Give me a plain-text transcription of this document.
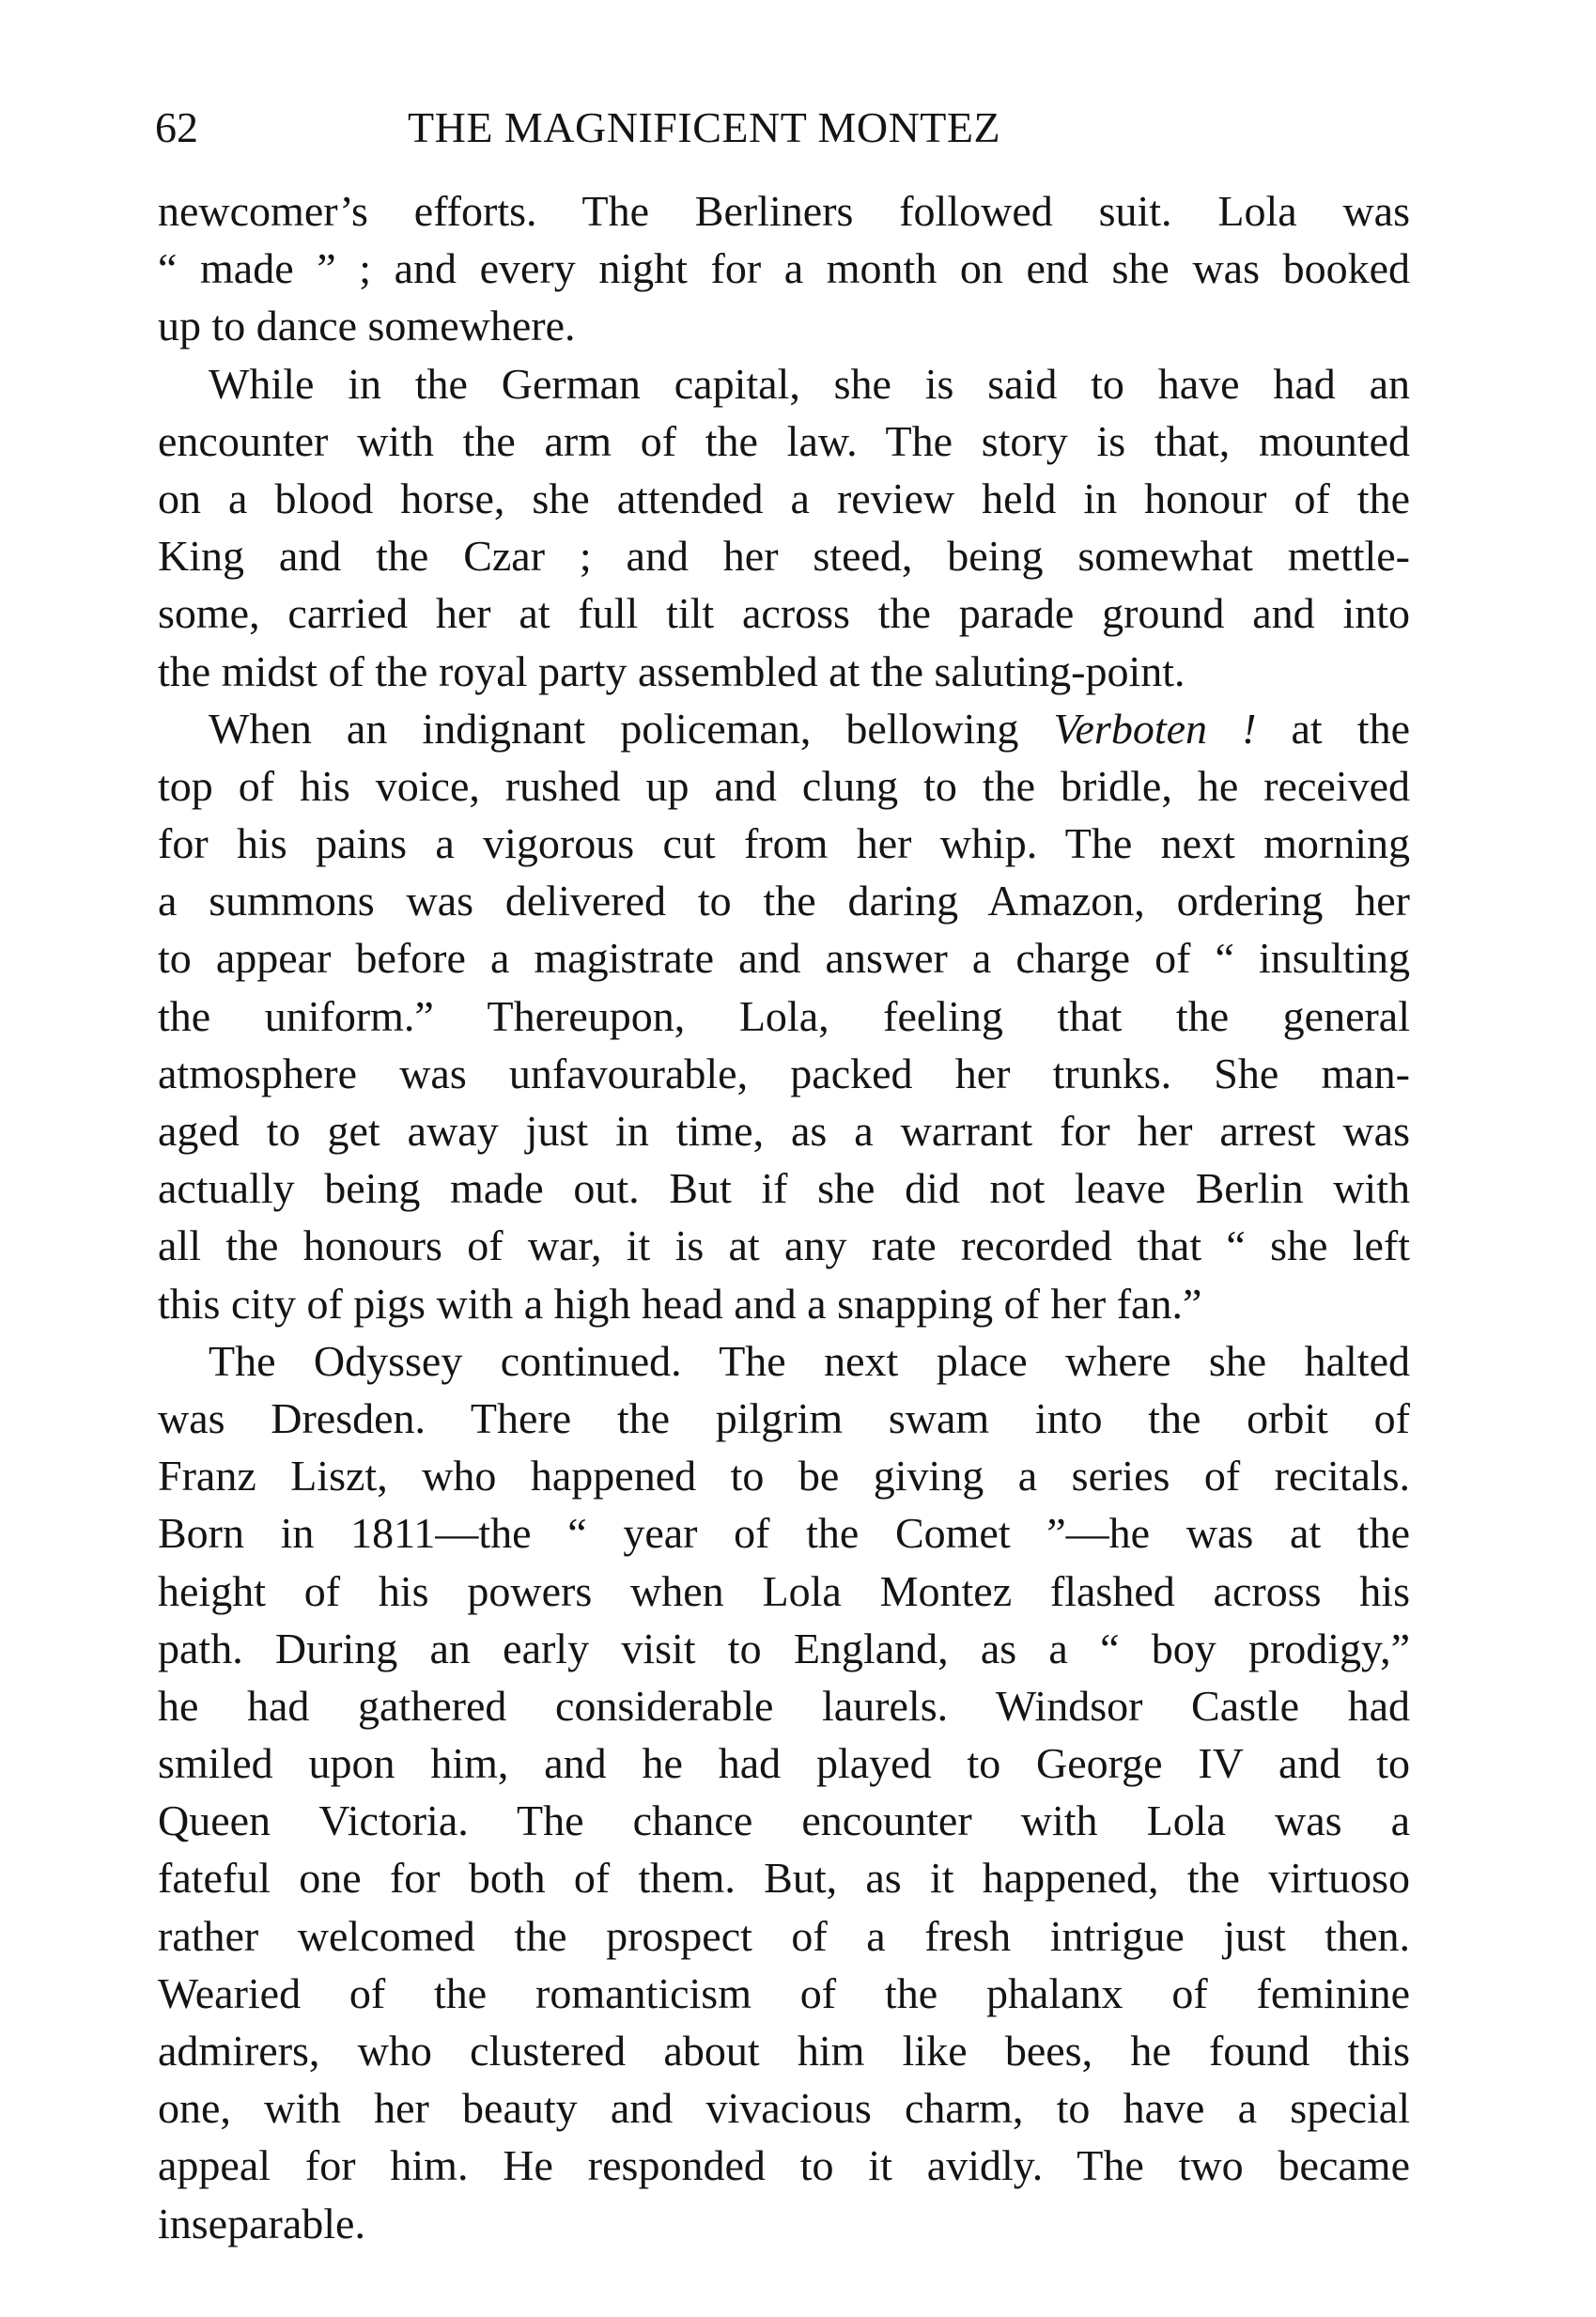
62	THE MAGNIFICENT MONTEZ
newcomer’s efforts. The Berliners followed suit. Lola was
“ made ” ; and every night for a month on end she was booked
up to dance somewhere.
While in the German capital, she is said to have had an
encounter with the arm of the law. The story is that, mounted
on a blood horse, she attended a review held in honour of the
King and the Czar ; and her steed, being somewhat mettle-
some, carried her at full tilt across the parade ground and into
the midst of the royal party assembled at the saluting-point.
When an indignant policeman, bellowing Verboten ! at the
top of his voice, rushed up and clung to the bridle, he received
for his pains a vigorous cut from her whip. The next morning
a summons was delivered to the daring Amazon, ordering her
to appear before a magistrate and answer a charge of “ insulting
the uniform.” Thereupon, Lola, feeling that the general
atmosphere was unfavourable, packed her trunks. She man-
aged to get away just in time, as a warrant for her arrest was
actually being made out. But if she did not leave Berlin with
all the honours of war, it is at any rate recorded that “ she left
this city of pigs with a high head and a snapping of her fan.”
The Odyssey continued. The next place where she halted
was Dresden. There the pilgrim swam into the orbit of
Franz Liszt, who happened to be giving a series of recitals.
Born in 1811—the “ year of the Comet ”—he was at the
height of his powers when Lola Montez flashed across his
path. During an early visit to England, as a “ boy prodigy,”
he had gathered considerable laurels. Windsor Castle had
smiled upon him, and he had played to George IV and to
Queen Victoria. The chance encounter with Lola was a
fateful one for both of them. But, as it happened, the virtuoso
rather welcomed the prospect of a fresh intrigue just then.
Wearied of the romanticism of the phalanx of feminine
admirers, who clustered about him like bees, he found this
one, with her beauty and vivacious charm, to have a special
appeal for him. He responded to it avidly. The two became
inseparable.
